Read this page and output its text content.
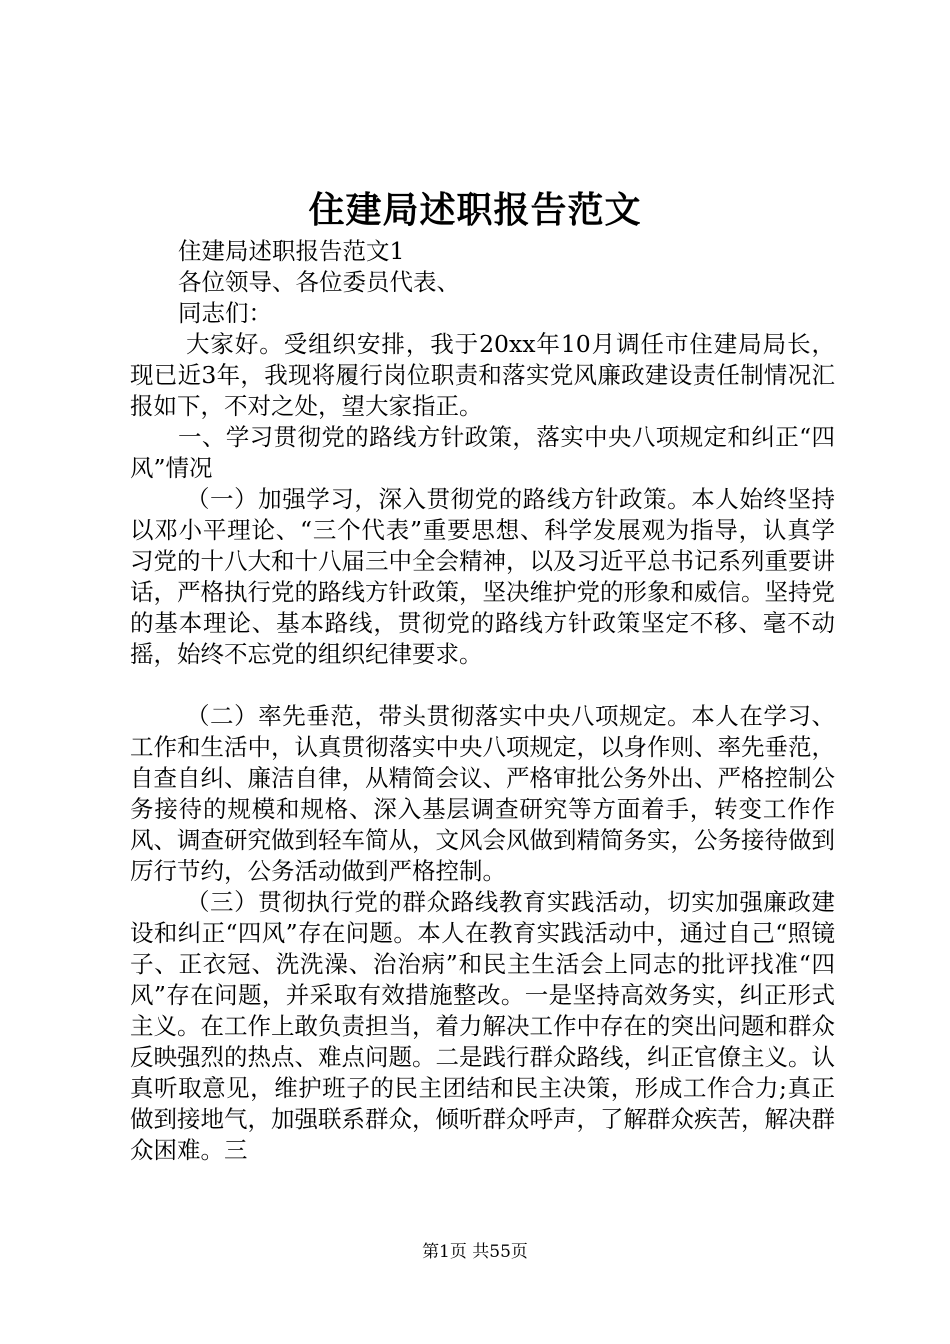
住建局述职报告范文

住建局述职报告范文1

各位领导、各位委员代表、

同志们：

大家好。受组织安排，我于20xx年10月调任市住建局局长，现已近3年，我现将履行岗位职责和落实党风廉政建设责任制情况汇报如下，不对之处，望大家指正。

一、学习贯彻党的路线方针政策，落实中央八项规定和纠正“四风”情况

（一）加强学习，深入贯彻党的路线方针政策。本人始终坚持以邓小平理论、“三个代表”重要思想、科学发展观为指导，认真学习党的十八大和十八届三中全会精神，以及习近平总书记系列重要讲话，严格执行党的路线方针政策，坚决维护党的形象和威信。坚持党的基本理论、基本路线，贯彻党的路线方针政策坚定不移、毫不动摇，始终不忘党的组织纪律要求。

（二）率先垂范，带头贯彻落实中央八项规定。本人在学习、工作和生活中，认真贯彻落实中央八项规定，以身作则、率先垂范，自查自纠、廉洁自律，从精简会议、严格审批公务外出、严格控制公务接待的规模和规格、深入基层调查研究等方面着手，转变工作作风、调查研究做到轻车简从，文风会风做到精简务实，公务接待做到厉行节约，公务活动做到严格控制。

（三）贯彻执行党的群众路线教育实践活动，切实加强廉政建设和纠正“四风”存在问题。本人在教育实践活动中，通过自己“照镜子、正衣冠、洗洗澡、治治病”和民主生活会上同志的批评找准“四风”存在问题，并采取有效措施整改。一是坚持高效务实，纠正形式主义。在工作上敢负责担当，着力解决工作中存在的突出问题和群众反映强烈的热点、难点问题。二是践行群众路线，纠正官僚主义。认真听取意见，维护班子的民主团结和民主决策，形成工作合力;真正做到接地气，加强联系群众，倾听群众呼声，了解群众疾苦，解决群众困难。三

第1页 共55页
